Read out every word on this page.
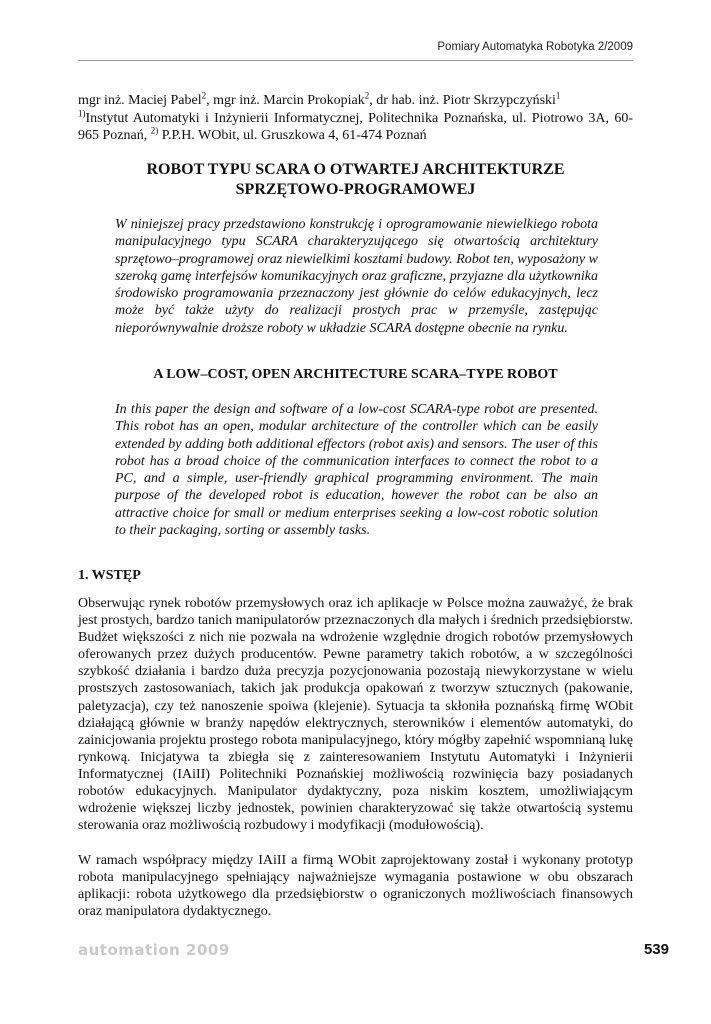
Pomiary Automatyka Robotyka 2/2009
mgr inż. Maciej Pabel$^2$, mgr inż. Marcin Prokopiak$^2$, dr hab. inż. Piotr Skrzypczyński$^1$
$^{1)}$Instytut Automatyki i Inżynierii Informatycznej, Politechnika Poznańska, ul. Piotrowo 3A, 60-965 Poznań, $^{2)}$ P.P.H. WObit, ul. Gruszkowa 4, 61-474 Poznań
ROBOT TYPU SCARA O OTWARTEJ ARCHITEKTURZE
SPRZĘTOWO-PROGRAMOWEJ

W niniejszej pracy przedstawiono konstrukcję i oprogramowanie niewielkiego robota manipulacyjnego typu SCARA charakteryzującego się otwartością architektury sprzętowo–programowej oraz niewielkimi kosztami budowy. Robot ten, wyposażony w szeroką gamę interfejsów komunikacyjnych oraz graficzne, przyjazne dla użytkownika środowisko programowania przeznaczony jest głównie do celów edukacyjnych, lecz może być także użyty do realizacji prostych prac w przemyśle, zastępując nieporównywalnie droższe roboty w układzie SCARA dostępne obecnie na rynku.

A LOW–COST, OPEN ARCHITECTURE SCARA–TYPE ROBOT

In this paper the design and software of a low-cost SCARA-type robot are presented. This robot has an open, modular architecture of the controller which can be easily extended by adding both additional effectors (robot axis) and sensors. The user of this robot has a broad choice of the communication interfaces to connect the robot to a PC, and a simple, user-friendly graphical programming environment. The main purpose of the developed robot is education, however the robot can be also an attractive choice for small or medium enterprises seeking a low-cost robotic solution to their packaging, sorting or assembly tasks.

1. WSTĘP

Obserwując rynek robotów przemysłowych oraz ich aplikacje w Polsce można zauważyć, że brak jest prostych, bardzo tanich manipulatorów przeznaczonych dla małych i średnich przedsiębiorstw. Budżet większości z nich nie pozwala na wdrożenie względnie drogich robotów przemysłowych oferowanych przez dużych producentów. Pewne parametry takich robotów, a w szczególności szybkość działania i bardzo duża precyzja pozycjonowania pozostają niewykorzystane w wielu prostszych zastosowaniach, takich jak produkcja opakowań z tworzyw sztucznych (pakowanie, paletyzacja), czy też nanoszenie spoiwa (klejenie). Sytuacja ta skłoniła poznańską firmę WObit działającą głównie w branży napędów elektrycznych, sterowników i elementów automatyki, do zainicjowania projektu prostego robota manipulacyjnego, który mógłby zapełnić wspomnianą lukę rynkową. Inicjatywa ta zbiegła się z zainteresowaniem Instytutu Automatyki i Inżynierii Informatycznej (IAiII) Politechniki Poznańskiej możliwością rozwinięcia bazy posiadanych robotów edukacyjnych. Manipulator dydaktyczny, poza niskim kosztem, umożliwiającym wdrożenie większej liczby jednostek, powinien charakteryzować się także otwartością systemu sterowania oraz możliwością rozbudowy i modyfikacji (modułowością).

W ramach współpracy między IAiII a firmą WObit zaprojektowany został i wykonany prototyp robota manipulacyjnego spełniający najważniejsze wymagania postawione w obu obszarach aplikacji: robota użytkowego dla przedsiębiorstw o ograniczonych możliwościach finansowych oraz manipulatora dydaktycznego.

automation 2009	539
